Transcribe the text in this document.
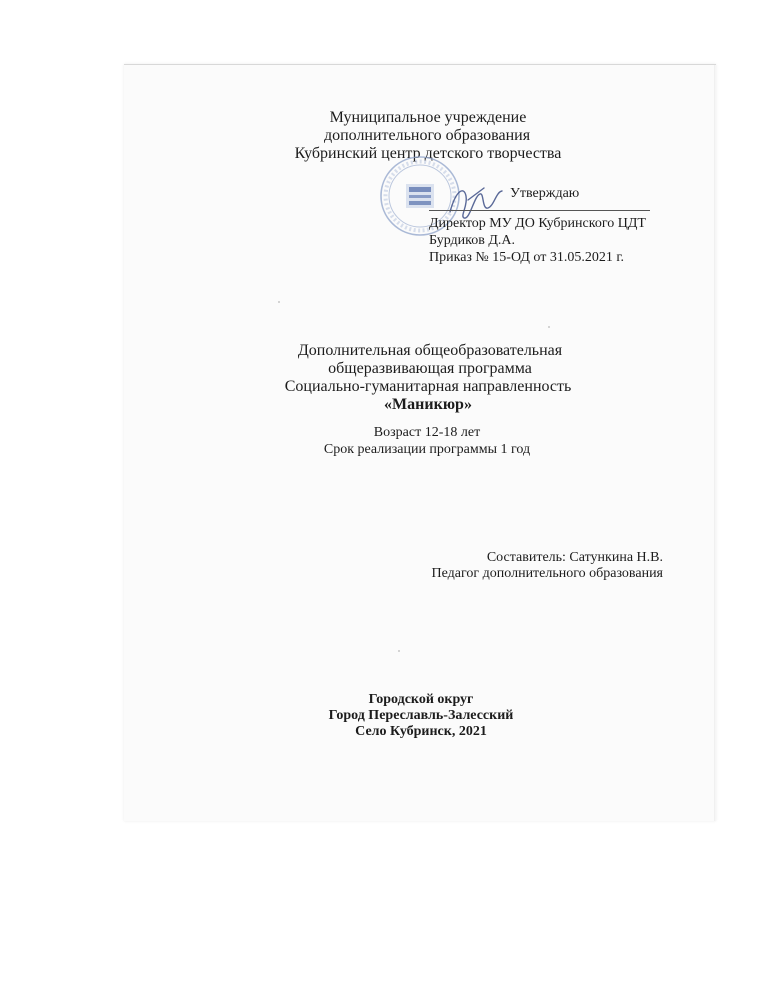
Муниципальное учреждение
дополнительного образования
Кубринский центр детского творчества
Утверждаю
Директор МУ ДО Кубринского ЦДТ
Бурдиков Д.А.
Приказ № 15-ОД от 31.05.2021 г.
Дополнительная общеобразовательная
общеразвивающая программа
Социально-гуманитарная направленность
«Маникюр»
Возраст 12-18 лет
Срок реализации программы 1 год
Составитель: Сатункина Н.В.
Педагог дополнительного образования
Городской округ
Город Переславль-Залесский
Село Кубринск, 2021
